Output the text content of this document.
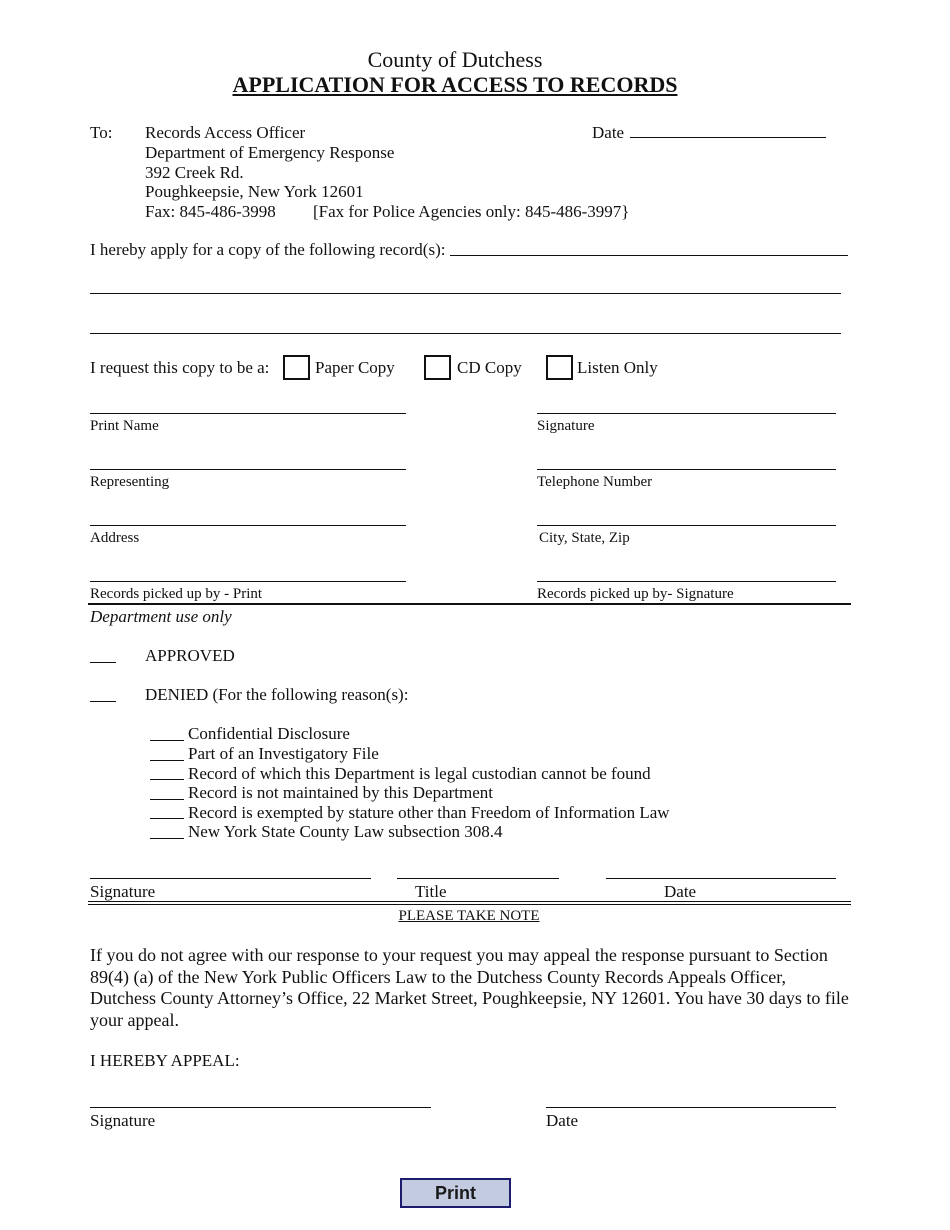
County of Dutchess
APPLICATION FOR ACCESS TO RECORDS
To: Records Access Officer
Department of Emergency Response
392 Creek Rd.
Poughkeepsie, New York 12601
Fax: 845-486-3998 [Fax for Police Agencies only: 845-486-3997}
Date
I hereby apply for a copy of the following record(s):
I request this copy to be a:	Paper Copy	CD Copy	Listen Only
Print Name	Signature
Representing	Telephone Number
Address	City, State, Zip
Records picked up by - Print	Records picked up by- Signature
Department use only
APPROVED
DENIED (For the following reason(s):
Confidential Disclosure
Part of an Investigatory File
Record of which this Department is legal custodian cannot be found
Record is not maintained by this Department
Record is exempted by stature other than Freedom of Information Law
New York State County Law subsection 308.4
Signature	Title	Date
PLEASE TAKE NOTE
If you do not agree with our response to your request you may appeal the response pursuant to Section 89(4) (a) of the New York Public Officers Law to the Dutchess County Records Appeals Officer, Dutchess County Attorney’s Office, 22 Market Street, Poughkeepsie, NY 12601. You have 30 days to file your appeal.
I HEREBY APPEAL:
Signature	Date
Print
